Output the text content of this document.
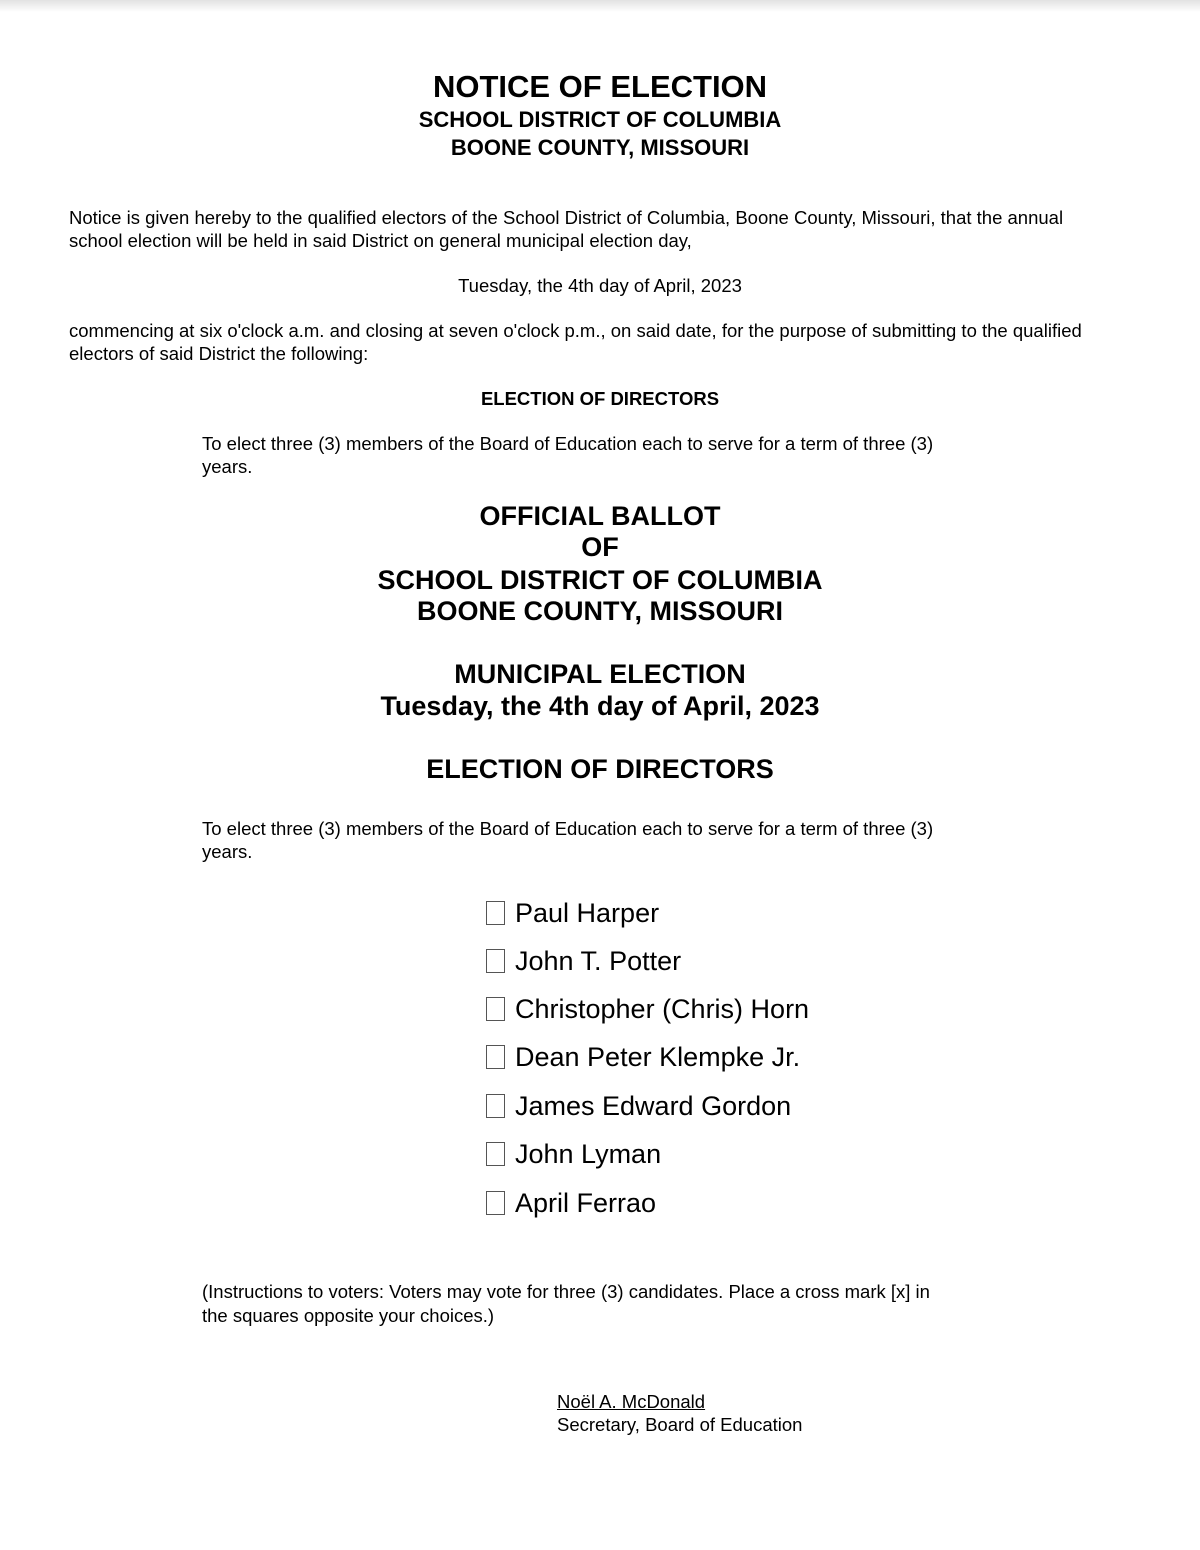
NOTICE OF ELECTION

SCHOOL DISTRICT OF COLUMBIA

BOONE COUNTY, MISSOURI

Notice is given hereby to the qualified electors of the School District of Columbia, Boone County, Missouri, that the annual

school election will be held in said District on general municipal election day,

Tuesday, the 4th day of April, 2023

commencing at six o'clock a.m. and closing at seven o'clock p.m., on said date, for the purpose of submitting to the qualified

electors of said District the following:

ELECTION OF DIRECTORS

To elect three (3) members of the Board of Education each to serve for a term of three (3)

years.

OFFICIAL BALLOT

OF

SCHOOL DISTRICT OF COLUMBIA

BOONE COUNTY, MISSOURI

MUNICIPAL ELECTION

Tuesday, the 4th day of April, 2023

ELECTION OF DIRECTORS

To elect three (3) members of the Board of Education each to serve for a term of three (3)

years.

Paul Harper
John T. Potter
Christopher (Chris) Horn
Dean Peter Klempke Jr.
James Edward Gordon
John Lyman
April Ferrao

(Instructions to voters: Voters may vote for three (3) candidates. Place a cross mark [x] in

the squares opposite your choices.)

Noël A. McDonald

Secretary, Board of Education
